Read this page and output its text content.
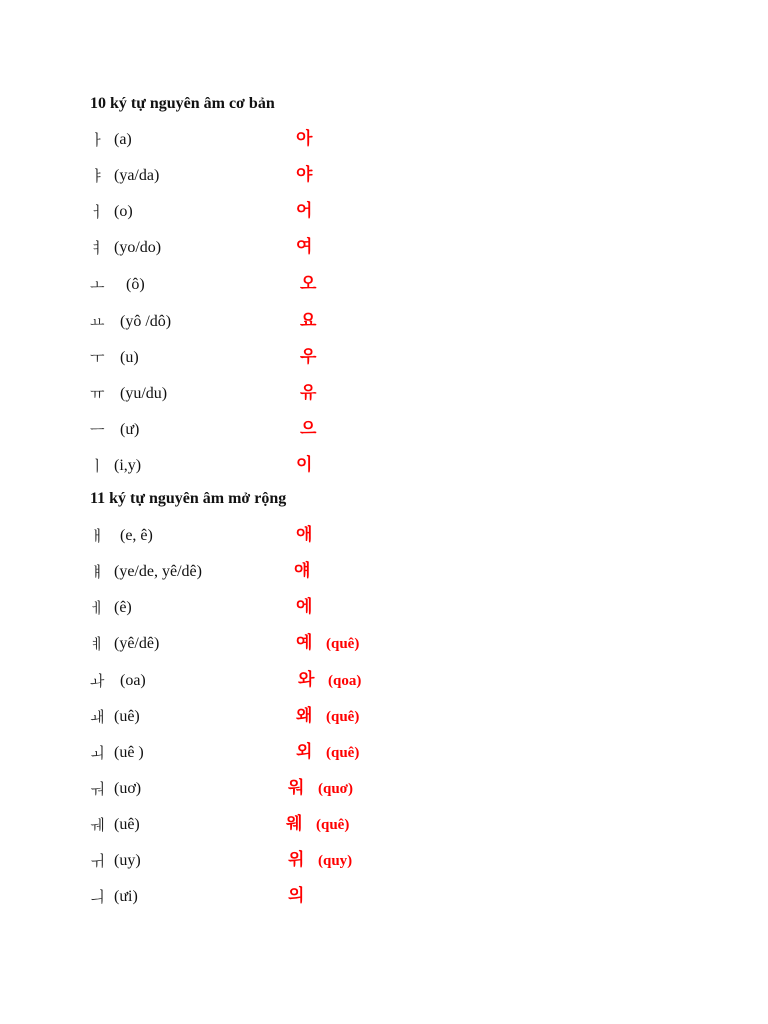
10 ký tự nguyên âm cơ bản
ㅏ (a)	아
ㅑ (ya/da)	야
ㅓ (o)	어
ㅕ (yo/do)	여
ㅗ (ô)	오
ㅛ (yô /dô)	요
ㅜ (u)	우
ㅠ (yu/du)	유
ㅡ (ư)	으
ㅣ (i,y)	이
11 ký tự nguyên âm mở rộng
ㅐ (e, ê)	애
ㅒ (ye/de, yê/dê)	얘
ㅔ (ê)	에
ㅖ (yê/dê)	예 (quê)
ㅘ (oa)	와 (qoa)
ㅙ (uê)	왜 (quê)
ㅚ (uê )	외 (quê)
ㅝ (uơ)	워 (quơ)
ㅞ (uê)	웨 (quê)
ㅟ (uy)	위 (quy)
ㅢ (ưi)	의
